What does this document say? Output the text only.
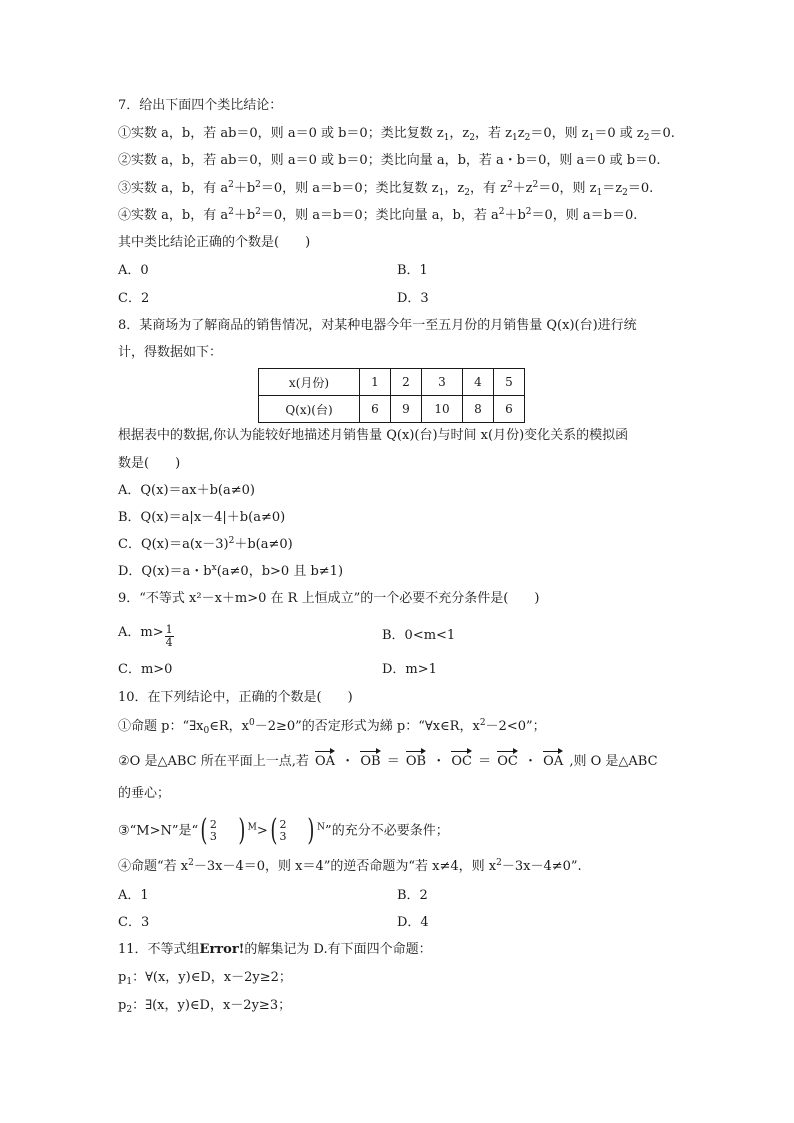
7．给出下面四个类比结论：
①实数 a，b，若 ab＝0，则 a＝0 或 b＝0；类比复数 $z_1$，$z_2$，若 $z_1z_2=0$，则 $z_1=0$ 或 $z_2=0$.
②实数 a，b，若 ab＝0，则 a＝0 或 b＝0；类比向量 a，b，若 a・b＝0，则 a＝0 或 b＝0.
③实数 a，b，有 $a^2+b^2=0$，则 a＝b＝0；类比复数 $z_1$，$z_2$，有 $z^2+z^2=0$，则 $z_1=z_2=0$.
④实数 a，b，有 $a^2+b^2=0$，则 a＝b＝0；类比向量 a，b，若 $a^2+b^2=0$，则 a＝b＝0.
其中类比结论正确的个数是(　　)
A．0	B．1
C．2	D．3
8．某商场为了解商品的销售情况，对某种电器今年一至五月份的月销售量 Q(x)(台)进行统
计，得数据如下：
x(月份)	1	2	3	4	5
Q(x)(台)	6	9	10	8	6
根据表中的数据,你认为能较好地描述月销售量 Q(x)(台)与时间 x(月份)变化关系的模拟函
数是(　　)
A．Q(x)＝ax＋b(a≠0)
B．Q(x)＝a|x－4|＋b(a≠0)
C．$Q(x)=a(x-3)^2+b(a\ne 0)$
D．Q(x)＝a・$b^x(a\ne 0$，b>0 且 b≠1)
9．“不等式 x²－x＋m>0 在 R 上恒成立”的一个必要不充分条件是(　　)
A．$m> \frac{1}{4}$	B．0<m<1
C．m>0	D．m>1
10．在下列结论中，正确的个数是(　　)
①命题 p：“$\exists x_0\in R$，$x^0-2\ge 0$”的否定形式为綈 p：“∀x∈R，$x^2-2<0$”；
②O 是△ABC 所在平面上一点,若 OA ・ OB ＝ OB ・ OC ＝ OC ・ OA ,则 O 是△ABC
的垂心；
③“M>N”是“( 2
3 ) $^M$>( 2
3 ) $^N$”的充分不必要条件；
④命题“若 $x^2-3x-4=0$，则 x＝4”的逆否命题为“若 x≠4，则 $x^2-3x-4\ne 0$”.
A．1	B．2
C．3	D．4
11．不等式组Error!的解集记为 D.有下面四个命题：
$p_1$：∀(x，y)∈D，x－2y≥2；
$p_2$：∃(x，y)∈D，x－2y≥3；
